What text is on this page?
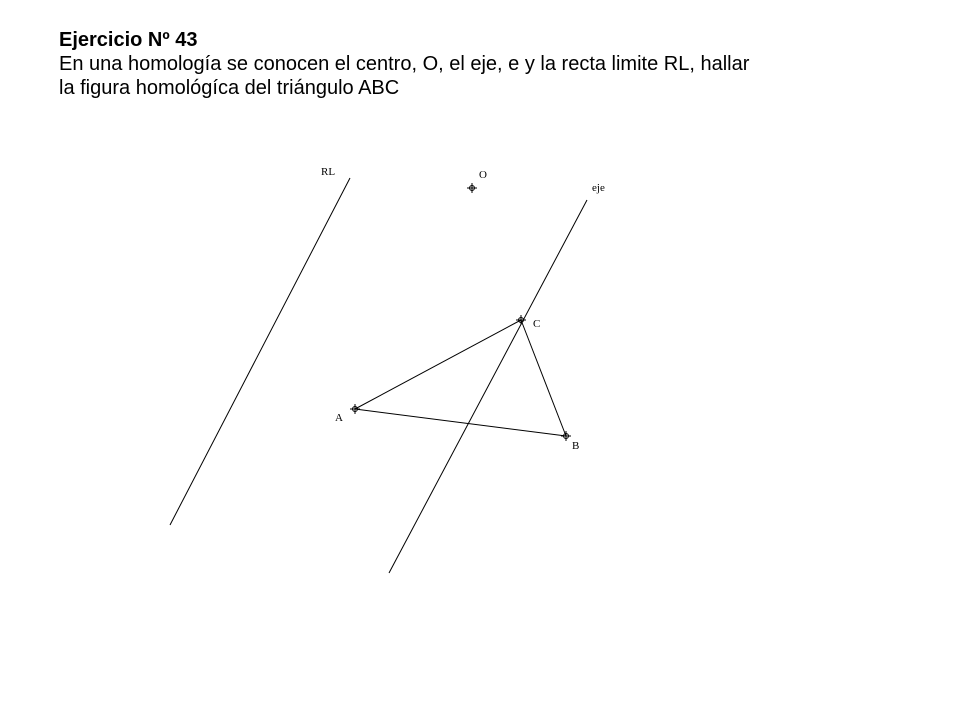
Ejercicio Nº 43
En una homología se conocen el centro, O, el eje, e y la recta limite RL, hallar
la figura homológíca del triángulo ABC
RL	O
eje
C
A
B
